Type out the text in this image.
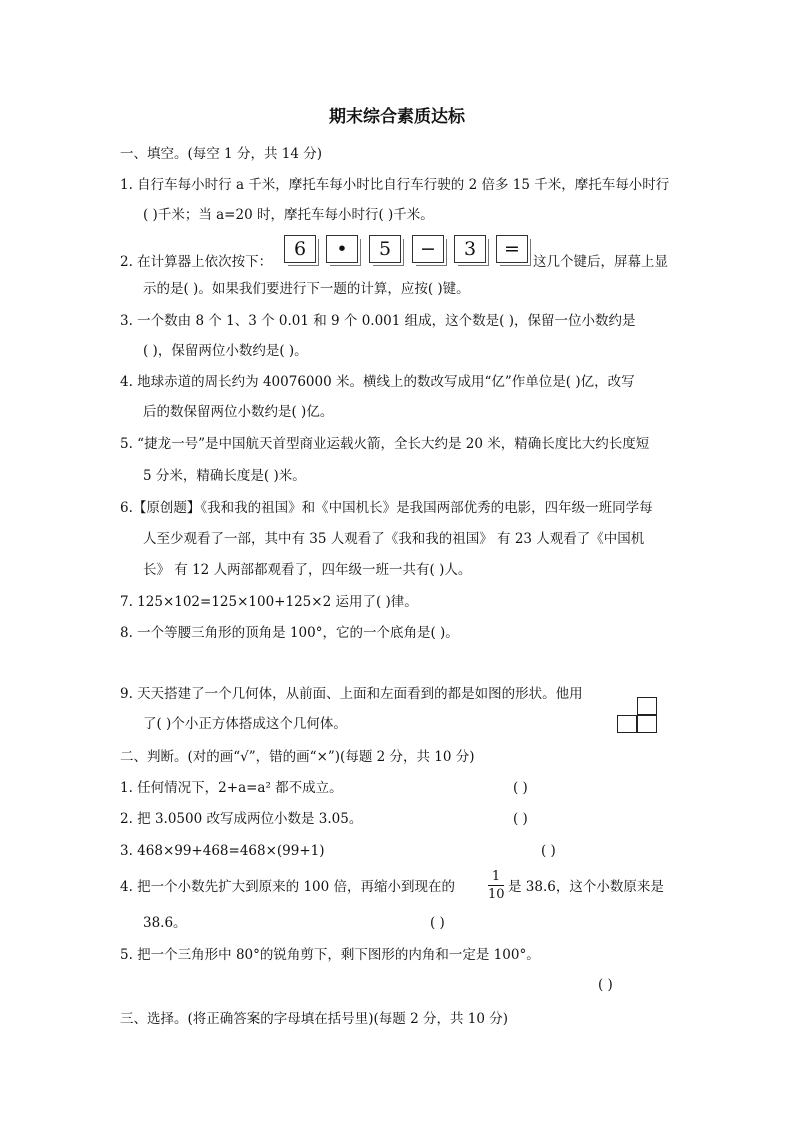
期末综合素质达标
一、填空。(每空 1 分，共 14 分)
1. 自行车每小时行 a 千米，摩托车每小时比自行车行驶的 2 倍多 15 千米，摩托车每小时行
( )千米；当 a=20 时，摩托车每小时行( )千米。
2. 在计算器上依次按下：
6	•	5	−	3	=
这几个键后，屏幕上显
示的是( )。如果我们要进行下一题的计算，应按( )键。
3. 一个数由 8 个 1、3 个 0.01 和 9 个 0.001 组成，这个数是( )，保留一位小数约是
( )，保留两位小数约是( )。
4. 地球赤道的周长约为 40076000 米。横线上的数改写成用“亿”作单位是( )亿，改写
后的数保留两位小数约是( )亿。
5. “捷龙一号”是中国航天首型商业运载火箭，全长大约是 20 米，精确长度比大约长度短
5 分米，精确长度是( )米。
6.【原创题】《我和我的祖国》和《中国机长》是我国两部优秀的电影，四年级一班同学每
人至少观看了一部，其中有 35 人观看了《我和我的祖国》 有 23 人观看了《中国机
长》 有 12 人两部都观看了，四年级一班一共有( )人。
7. 125×102=125×100+125×2 运用了( )律。
8. 一个等腰三角形的顶角是 100°，它的一个底角是( )。
9. 天天搭建了一个几何体，从前面、上面和左面看到的都是如图的形状。他用
了( )个小正方体搭成这个几何体。
二、判断。(对的画“√”，错的画“×”)(每题 2 分，共 10 分)
1. 任何情况下，2+a=a² 都不成立。	( )
2. 把 3.0500 改写成两位小数是 3.05。	( )
3. 468×99+468=468×(99+1)	( )
4. 把一个小数先扩大到原来的 100 倍，再缩小到现在的
1
10 是 38.6，这个小数原来是
38.6。	( )
5. 把一个三角形中 80°的锐角剪下，剩下图形的内角和一定是 100°。
( )
三、选择。(将正确答案的字母填在括号里)(每题 2 分，共 10 分)
